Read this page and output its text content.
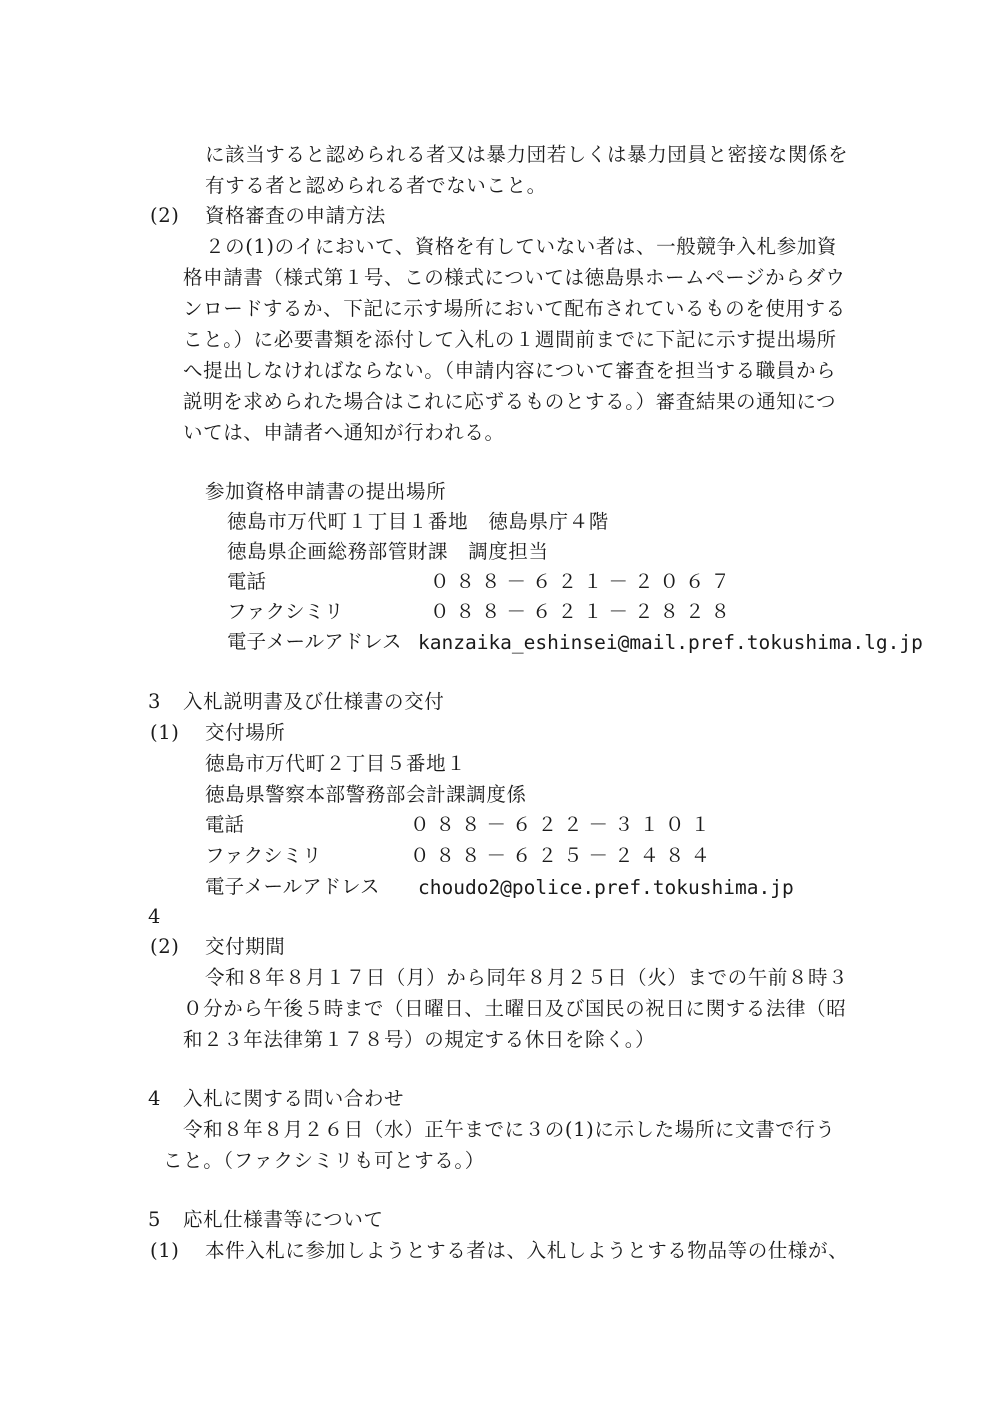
に該当すると認められる者又は暴力団若しくは暴力団員と密接な関係を
有する者と認められる者でないこと。
(2) 資格審査の申請方法
２の(1)のイにおいて、資格を有していない者は、一般競争入札参加資
格申請書（様式第１号、この様式については徳島県ホームページからダウ
ンロードするか、下記に示す場所において配布されているものを使用する
こと。）に必要書類を添付して入札の１週間前までに下記に示す提出場所
へ提出しなければならない。（申請内容について審査を担当する職員から
説明を求められた場合はこれに応ずるものとする。）審査結果の通知につ
いては、申請者へ通知が行われる。
参加資格申請書の提出場所
徳島市万代町１丁目１番地　徳島県庁４階
徳島県企画総務部管財課　調度担当
電話	０８８－６２１－２０６７
ファクシミリ	０８８－６２１－２８２８
電子メールアドレス kanzaika_eshinsei@mail.pref.tokushima.lg.jp
3 入札説明書及び仕様書の交付
(1) 交付場所
徳島市万代町２丁目５番地１
徳島県警察本部警務部会計課調度係
電話	０８８－６２２－３１０１
ファクシミリ	０８８－６２５－２４８４
電子メールアドレス choudo2@police.pref.tokushima.jp
4
(2) 交付期間
令和８年８月１７日（月）から同年８月２５日（火）までの午前８時３
０分から午後５時まで（日曜日、土曜日及び国民の祝日に関する法律（昭
和２３年法律第１７８号）の規定する休日を除く。）
4 入札に関する問い合わせ
令和８年８月２６日（水）正午までに３の(1)に示した場所に文書で行う
こと。（ファクシミリも可とする。）
5 応札仕様書等について
(1) 本件入札に参加しようとする者は、入札しようとする物品等の仕様が、
